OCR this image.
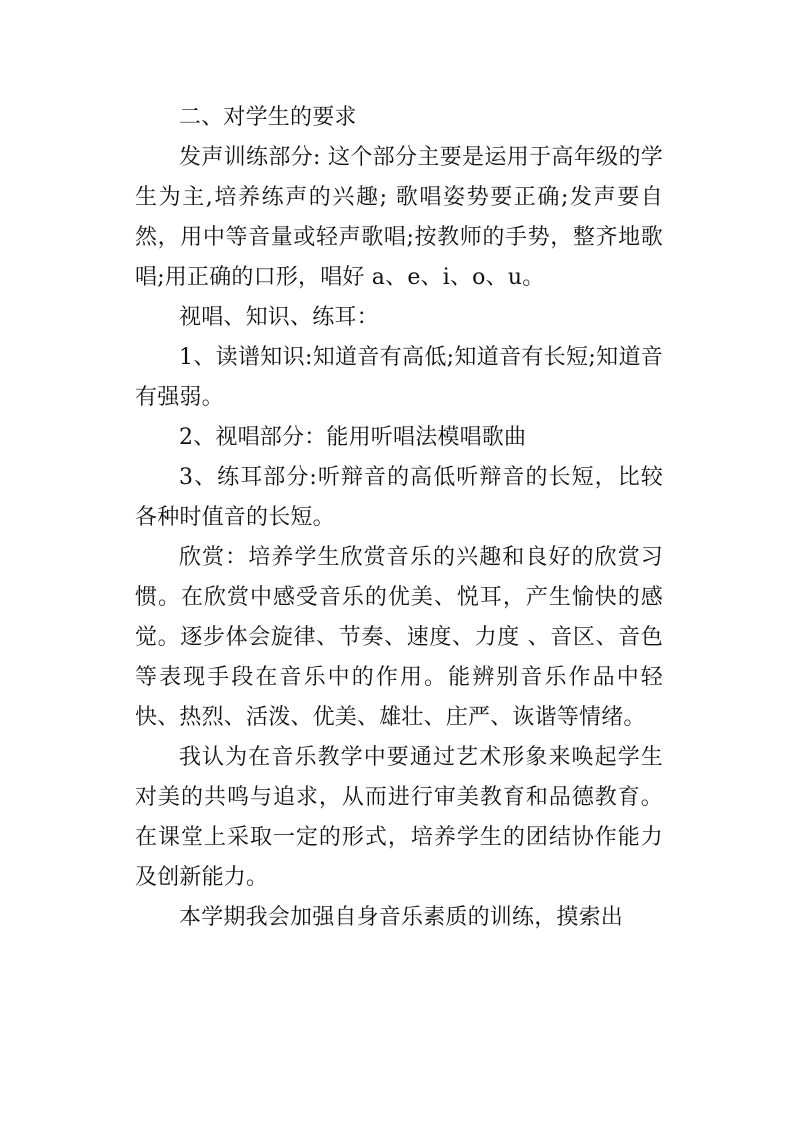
二、对学生的要求

发声训练部分: 这个部分主要是运用于高年级的学生为主,培养练声的兴趣; 歌唱姿势要正确;发声要自然，用中等音量或轻声歌唱;按教师的手势，整齐地歌唱;用正确的口形，唱好 a、e、i、o、u。

视唱、知识、练耳：

1、读谱知识:知道音有高低;知道音有长短;知道音有强弱。

2、视唱部分：能用听唱法模唱歌曲

3、练耳部分:听辩音的高低听辩音的长短，比较各种时值音的长短。

欣赏：培养学生欣赏音乐的兴趣和良好的欣赏习惯。在欣赏中感受音乐的优美、悦耳，产生愉快的感觉。逐步体会旋律、节奏、速度、力度 、音区、音色等表现手段在音乐中的作用。能辨别音乐作品中轻快、热烈、活泼、优美、雄壮、庄严、诙谐等情绪。

我认为在音乐教学中要通过艺术形象来唤起学生对美的共鸣与追求，从而进行审美教育和品德教育。在课堂上采取一定的形式，培养学生的团结协作能力及创新能力。

本学期我会加强自身音乐素质的训练，摸索出
